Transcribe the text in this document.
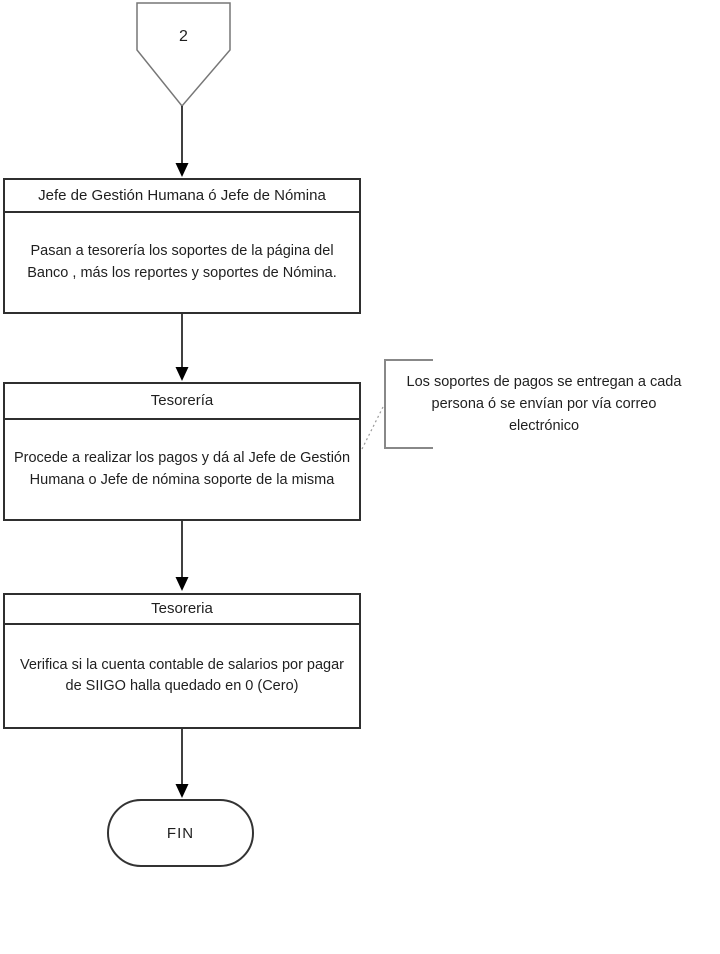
2
Jefe de Gestión Humana ó Jefe de Nómina
Pasan a tesorería los soportes de la página del Banco , más los reportes y soportes de Nómina.
Tesorería
Procede a realizar los pagos y dá al Jefe de Gestión Humana o Jefe de nómina soporte de la misma
Tesoreria
Verifica si la cuenta contable de salarios por pagar de SIIGO halla quedado en 0 (Cero)
Los soportes de pagos se entregan a cada persona ó se envían por vía correo electrónico
FIN
